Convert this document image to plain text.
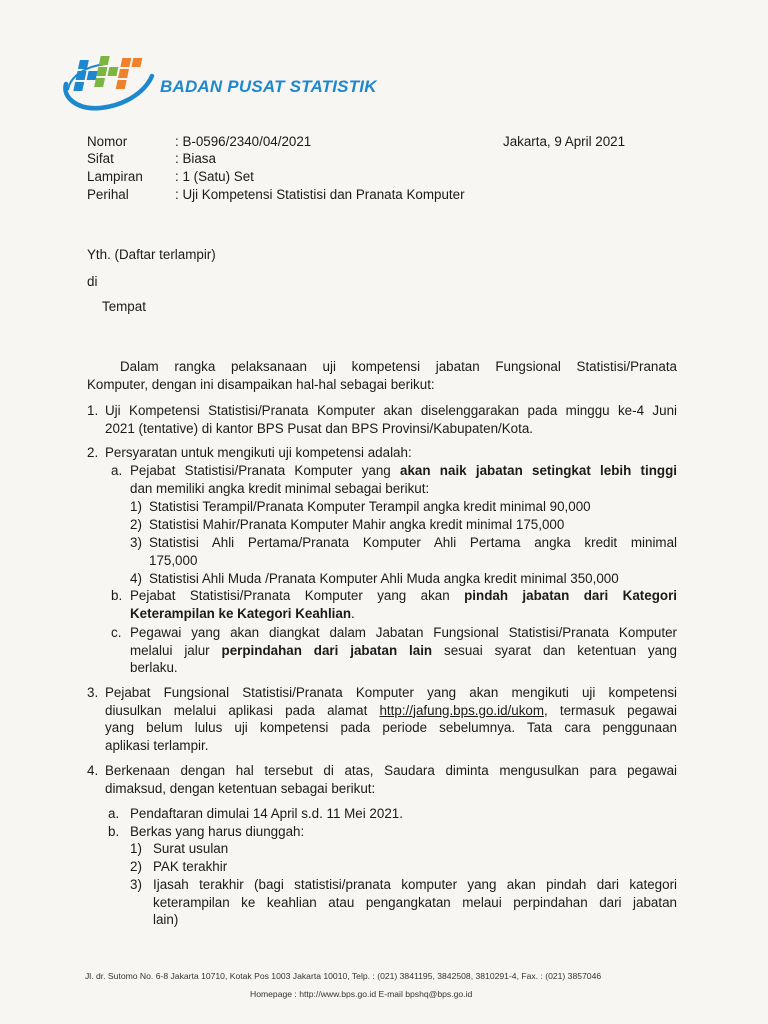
BADAN PUSAT STATISTIK
Nomor	: B-0596/2340/04/2021	Jakarta, 9 April 2021
Sifat	: Biasa
Lampiran : 1 (Satu) Set
Perihal	: Uji Kompetensi Statistisi dan Pranata Komputer
Yth. (Daftar terlampir)
di
Tempat
Dalam rangka pelaksanaan uji kompetensi jabatan Fungsional Statistisi/Pranata
Komputer, dengan ini disampaikan hal-hal sebagai berikut:
1. Uji Kompetensi Statistisi/Pranata Komputer akan diselenggarakan pada minggu ke-4 Juni
2021 (tentative) di kantor BPS Pusat dan BPS Provinsi/Kabupaten/Kota.
2. Persyaratan untuk mengikuti uji kompetensi adalah:
a. Pejabat Statistisi/Pranata Komputer yang akan naik jabatan setingkat lebih tinggi
dan memiliki angka kredit minimal sebagai berikut:
1) Statistisi Terampil/Pranata Komputer Terampil angka kredit minimal 90,000
2) Statistisi Mahir/Pranata Komputer Mahir angka kredit minimal 175,000
3) Statistisi Ahli Pertama/Pranata Komputer Ahli Pertama angka kredit minimal
175,000
4) Statistisi Ahli Muda /Pranata Komputer Ahli Muda angka kredit minimal 350,000
b. Pejabat Statistisi/Pranata Komputer yang akan pindah jabatan dari Kategori
Keterampilan ke Kategori Keahlian.
c. Pegawai yang akan diangkat dalam Jabatan Fungsional Statistisi/Pranata Komputer
melalui jalur perpindahan dari jabatan lain sesuai syarat dan ketentuan yang
berlaku.
3. Pejabat Fungsional Statistisi/Pranata Komputer yang akan mengikuti uji kompetensi
diusulkan melalui aplikasi pada alamat http://jafung.bps.go.id/ukom, termasuk pegawai
yang belum lulus uji kompetensi pada periode sebelumnya. Tata cara penggunaan
aplikasi terlampir.
4. Berkenaan dengan hal tersebut di atas, Saudara diminta mengusulkan para pegawai
dimaksud, dengan ketentuan sebagai berikut:
a. Pendaftaran dimulai 14 April s.d. 11 Mei 2021.
b. Berkas yang harus diunggah:
1) Surat usulan
2) PAK terakhir
3) Ijasah terakhir (bagi statistisi/pranata komputer yang akan pindah dari kategori
keterampilan ke keahlian atau pengangkatan melaui perpindahan dari jabatan
lain)
Jl. dr. Sutomo No. 6-8 Jakarta 10710, Kotak Pos 1003 Jakarta 10010, Telp. : (021) 3841195, 3842508, 3810291-4, Fax. : (021) 3857046
Homepage : http://www.bps.go.id E-mail bpshq@bps.go.id
